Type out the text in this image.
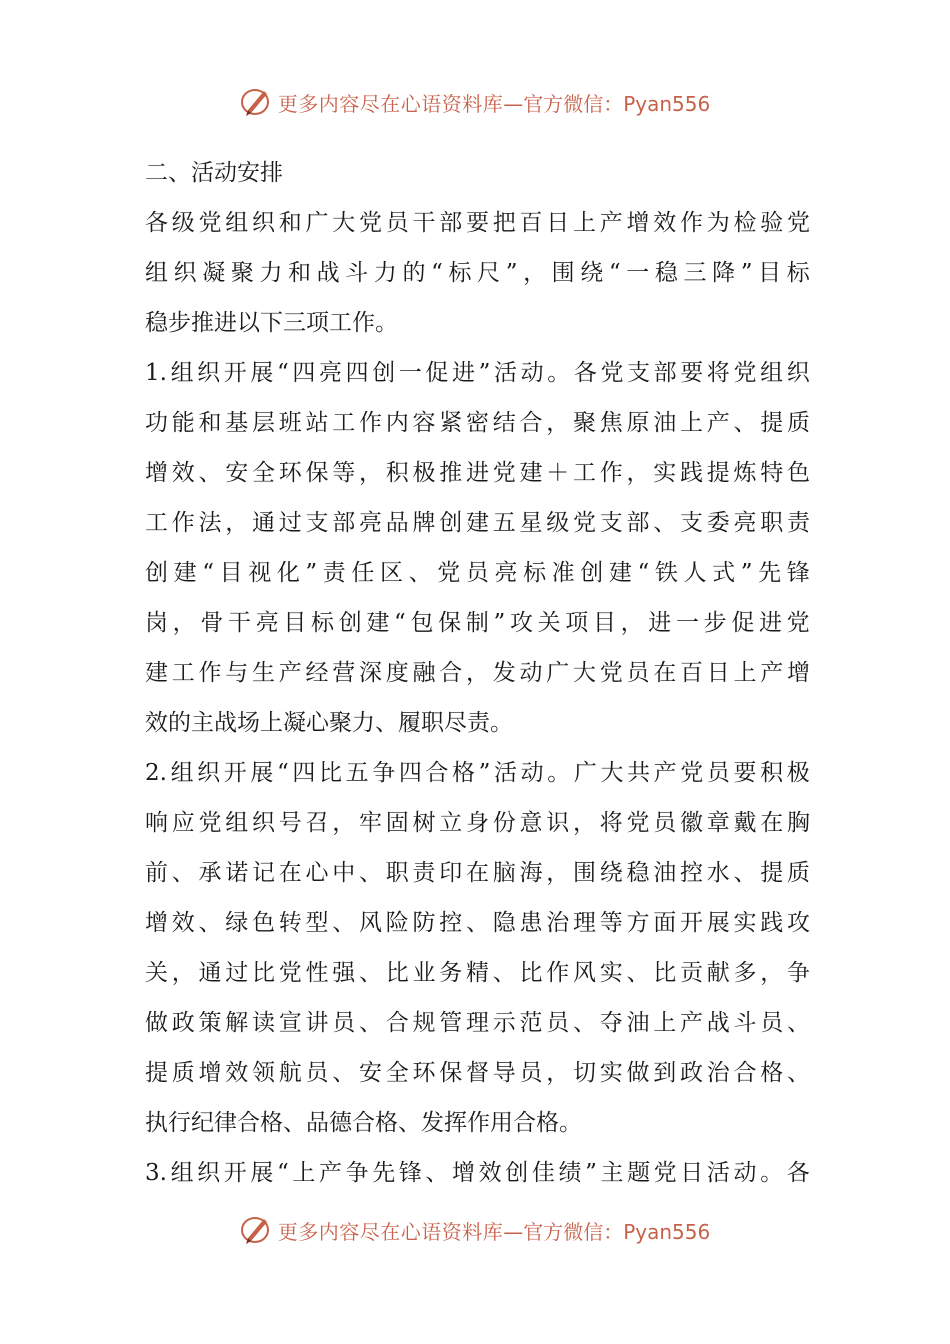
更多内容尽在心语资料库 —官方微信：Pyan556
二、活动安排
各 级 党 组 织 和 广 大 党 员 干 部 要 把 百 日 上 产 增 效 作 为 检 验 党
组 织 凝 聚 力 和 战 斗 力 的 “ 标 尺 ” ， 围 绕 “ 一 稳 三 降 ” 目 标
稳步推进以下三项工作。
1. 组 织 开 展 “ 四 亮 四 创 一 促 进 ” 活 动 。 各 党 支 部 要 将 党 组 织
功 能 和 基 层 班 站 工 作 内 容 紧 密 结 合 ， 聚 焦 原 油 上 产 、 提 质
增 效 、 安 全 环 保 等 ， 积 极 推 进 党 建 ＋ 工 作 ， 实 践 提 炼 特 色
工 作 法 ， 通 过 支 部 亮 品 牌 创 建 五 星 级 党 支 部 、 支 委 亮 职 责
创 建 “ 目 视 化 ” 责 任 区 、 党 员 亮 标 准 创 建 “ 铁 人 式 ” 先 锋
岗 ， 骨 干 亮 目 标 创 建 “ 包 保 制 ” 攻 关 项 目 ， 进 一 步 促 进 党
建 工 作 与 生 产 经 营 深 度 融 合 ， 发 动 广 大 党 员 在 百 日 上 产 增
效的主战场上凝心聚力、履职尽责。
2. 组 织 开 展 “ 四 比 五 争 四 合 格 ” 活 动 。 广 大 共 产 党 员 要 积 极
响 应 党 组 织 号 召 ， 牢 固 树 立 身 份 意 识 ， 将 党 员 徽 章 戴 在 胸
前 、 承 诺 记 在 心 中 、 职 责 印 在 脑 海 ， 围 绕 稳 油 控 水 、 提 质
增 效 、 绿 色 转 型 、 风 险 防 控 、 隐 患 治 理 等 方 面 开 展 实 践 攻
关 ， 通 过 比 党 性 强 、 比 业 务 精 、 比 作 风 实 、 比 贡 献 多 ， 争
做 政 策 解 读 宣 讲 员 、 合 规 管 理 示 范 员 、 夺 油 上 产 战 斗 员 、
提 质 增 效 领 航 员 、 安 全 环 保 督 导 员 ， 切 实 做 到 政 治 合 格 、
执行纪律合格、品德合格、发挥作用合格。
3. 组 织 开 展 “ 上 产 争 先 锋 、 增 效 创 佳 绩 ” 主 题 党 日 活 动 。 各
更多内容尽在心语资料库 —官方微信：Pyan556
